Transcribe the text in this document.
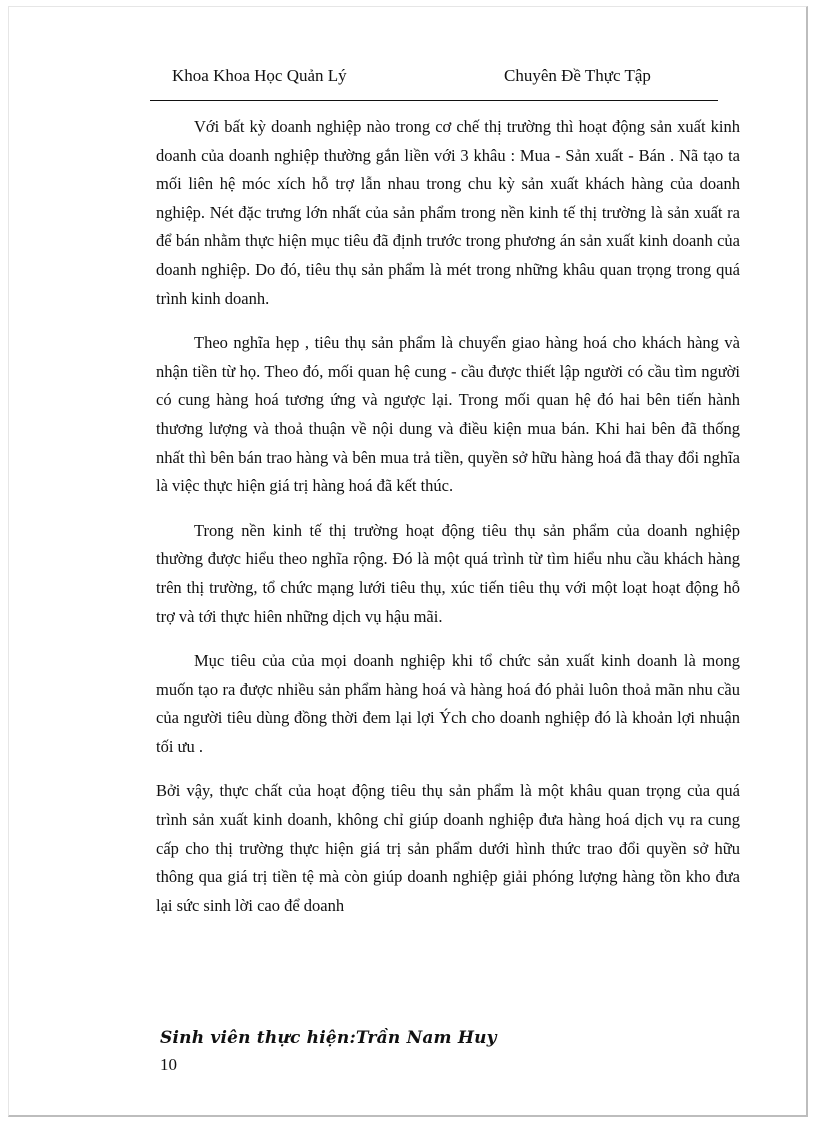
Khoa Khoa Học Quản Lý	Chuyên Đề Thực Tập

Với bất kỳ doanh nghiệp nào trong cơ chế thị trường thì hoạt động sản xuất kinh doanh của doanh nghiệp thường gắn liền với 3 khâu : Mua - Sản xuất - Bán . Nã tạo ta mối liên hệ móc xích hỗ trợ lẫn nhau trong chu kỳ sản xuất khách hàng của doanh nghiệp. Nét đặc trưng lớn nhất của sản phẩm trong nền kinh tế thị trường là sản xuất ra để bán nhằm thực hiện mục tiêu đã định trước trong phương án sản xuất kinh doanh của doanh nghiệp. Do đó, tiêu thụ sản phẩm là mét trong những khâu quan trọng trong quá trình kinh doanh.

Theo nghĩa hẹp , tiêu thụ sản phẩm là chuyển giao hàng hoá cho khách hàng và nhận tiền từ họ. Theo đó, mối quan hệ cung - cầu được thiết lập người có cầu tìm người có cung hàng hoá tương ứng và ngược lại. Trong mối quan hệ đó hai bên tiến hành thương lượng và thoả thuận về nội dung và điều kiện mua bán. Khi hai bên đã thống nhất thì bên bán trao hàng và bên mua trả tiền, quyền sở hữu hàng hoá đã thay đổi nghĩa là việc thực hiện giá trị hàng hoá đã kết thúc.

Trong nền kinh tế thị trường hoạt động tiêu thụ sản phẩm của doanh nghiệp thường được hiểu theo nghĩa rộng. Đó là một quá trình từ tìm hiểu nhu cầu khách hàng trên thị trường, tổ chức mạng lưới tiêu thụ, xúc tiến tiêu thụ với một loạt hoạt động hỗ trợ và tới thực hiên những dịch vụ hậu mãi.

Mục tiêu của của mọi doanh nghiệp khi tổ chức sản xuất kinh doanh là mong muốn tạo ra được nhiều sản phẩm hàng hoá và hàng hoá đó phải luôn thoả mãn nhu cầu của người tiêu dùng đồng thời đem lại lợi Ých cho doanh nghiệp đó là khoản lợi nhuận tối ưu .

Bởi vậy, thực chất của hoạt động tiêu thụ sản phẩm là một khâu quan trọng của quá trình sản xuất kinh doanh, không chỉ giúp doanh nghiệp đưa hàng hoá dịch vụ ra cung cấp cho thị trường thực hiện giá trị sản phẩm dưới hình thức trao đổi quyền sở hữu thông qua giá trị tiền tệ mà còn giúp doanh nghiệp giải phóng lượng hàng tồn kho đưa lại sức sinh lời cao để doanh

Sinh viên thực hiện:Trần Nam Huy
10
